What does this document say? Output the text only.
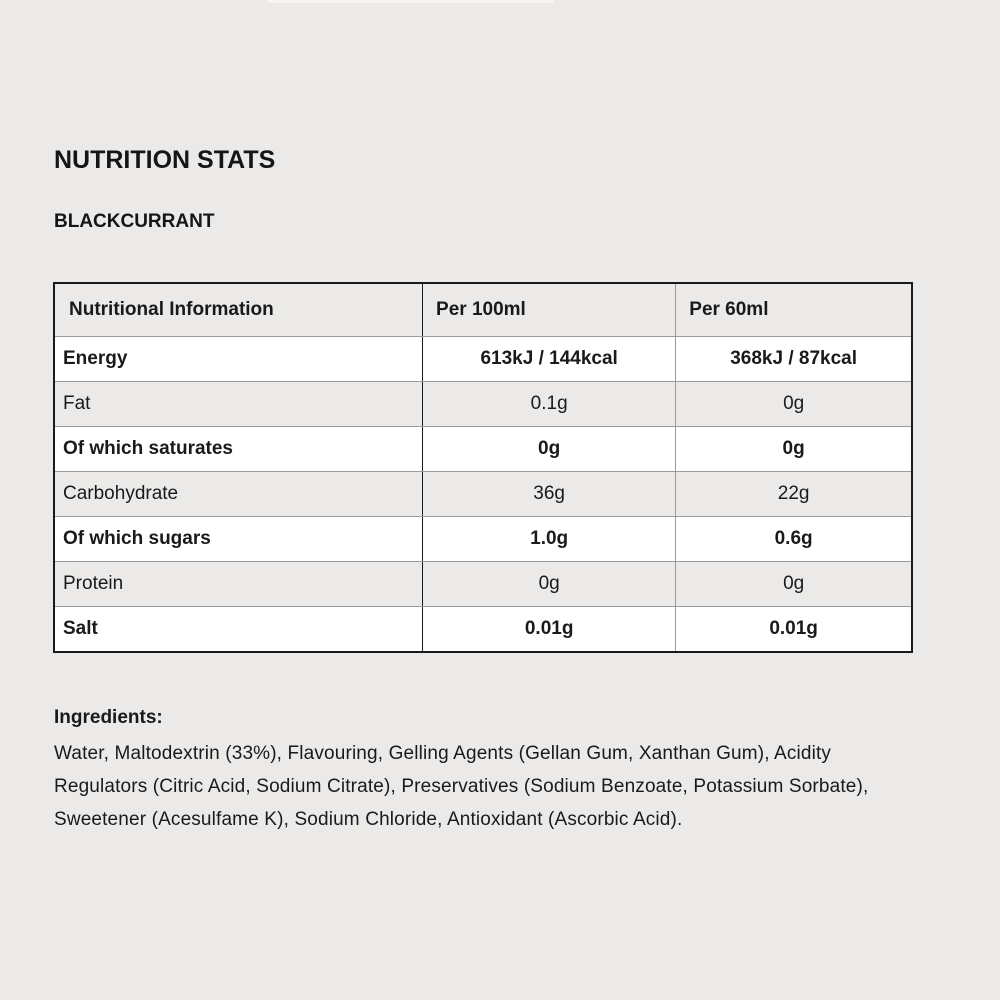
NUTRITION STATS
BLACKCURRANT
Nutritional Information	Per 100ml	Per 60ml
Energy	613kJ / 144kcal	368kJ / 87kcal
Fat	0.1g	0g
Of which saturates	0g	0g
Carbohydrate	36g	22g
Of which sugars	1.0g	0.6g
Protein	0g	0g
Salt	0.01g	0.01g
Ingredients:

Water, Maltodextrin (33%), Flavouring, Gelling Agents (Gellan Gum, Xanthan Gum), Acidity Regulators (Citric Acid, Sodium Citrate), Preservatives (Sodium Benzoate, Potassium Sorbate), Sweetener (Acesulfame K), Sodium Chloride, Antioxidant (Ascorbic Acid).
